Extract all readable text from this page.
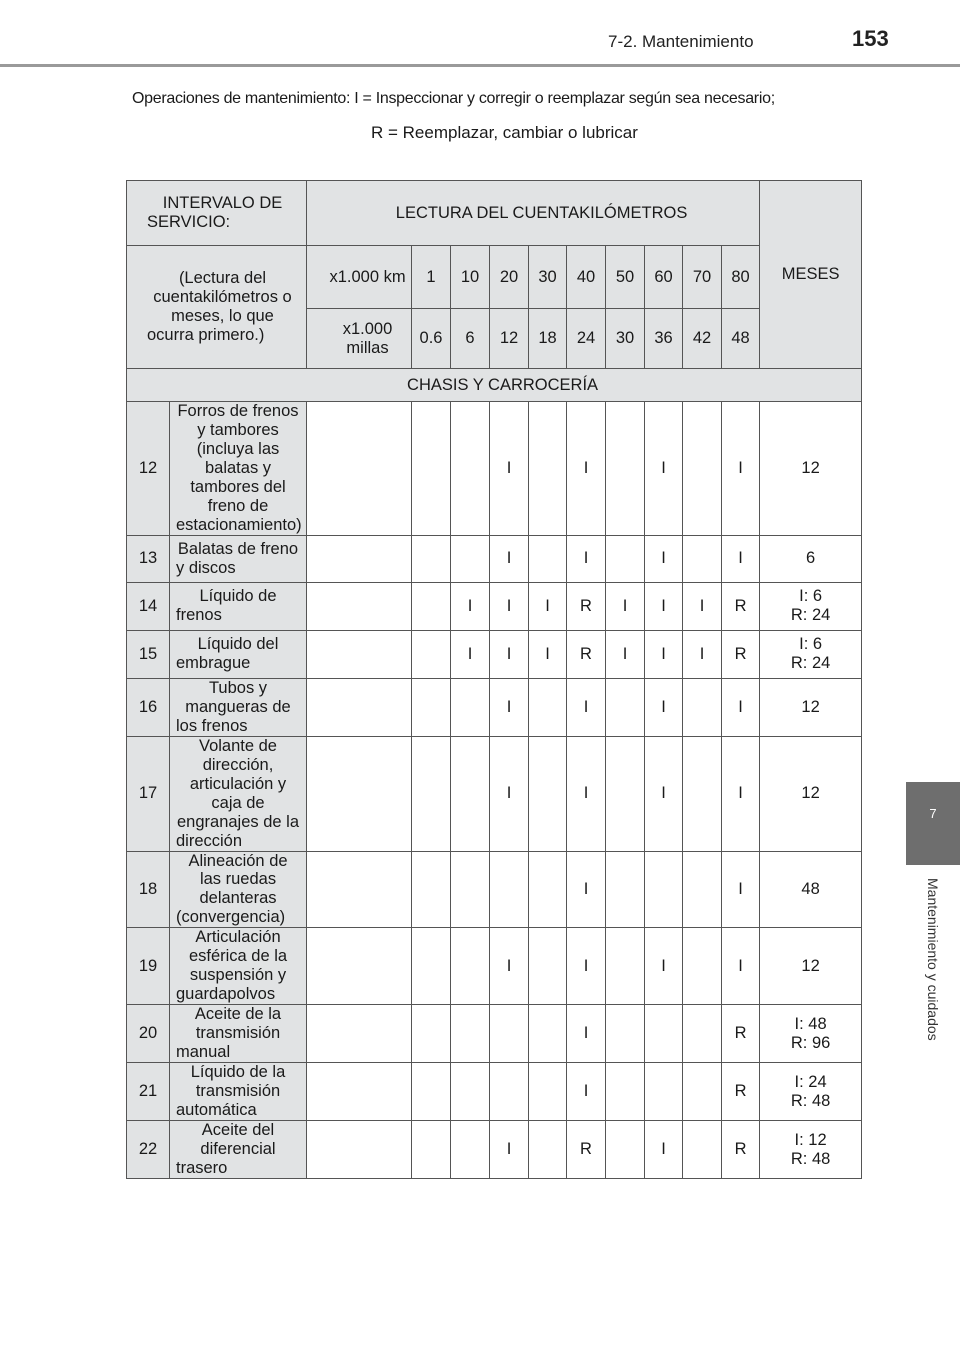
7-2. Mantenimiento	153
Operaciones de mantenimiento: I = Inspeccionar y corregir o reemplazar según sea necesario;
R = Reemplazar, cambiar o lubricar
7
Mantenimiento y cuidados
INTERVALO DE SERVICIO:		LECTURA DEL CUENTAKILÓMETROS										MESES
(Lectura del cuentakilómetros o meses, lo que ocurra primero.)		x1.000 km	1	10	20	30	40	50	60	70	80	
		x1.000 millas	0.6	6	12	18	24	30	36	42	48	
CHASIS Y CARROCERÍA												
12	Forros de frenos y tambores (incluya las balatas y tambores del freno de estacionamiento)				I		I		I		I	12

13	Balatas de freno y discos				I		I		I		I	6

14	Líquido de frenos			I	I	I	R	I	I	I	R	I: 6
R: 24

15	Líquido del embrague			I	I	I	R	I	I	I	R	I: 6
R: 24

16	Tubos y mangueras de los frenos				I		I		I		I	12

17	Volante de dirección, articulación y caja de engranajes de la dirección				I		I		I		I	12

18	Alineación de las ruedas delanteras (convergencia)						I				I	48

19	Articulación esférica de la suspensión y guardapolvos				I		I		I		I	12

20	Aceite de la transmisión manual						I				R	I: 48
R: 96

21	Líquido de la transmisión automática						I				R	I: 24
R: 48

22	Aceite del diferencial trasero				I		R		I		R	I: 12
R: 48
